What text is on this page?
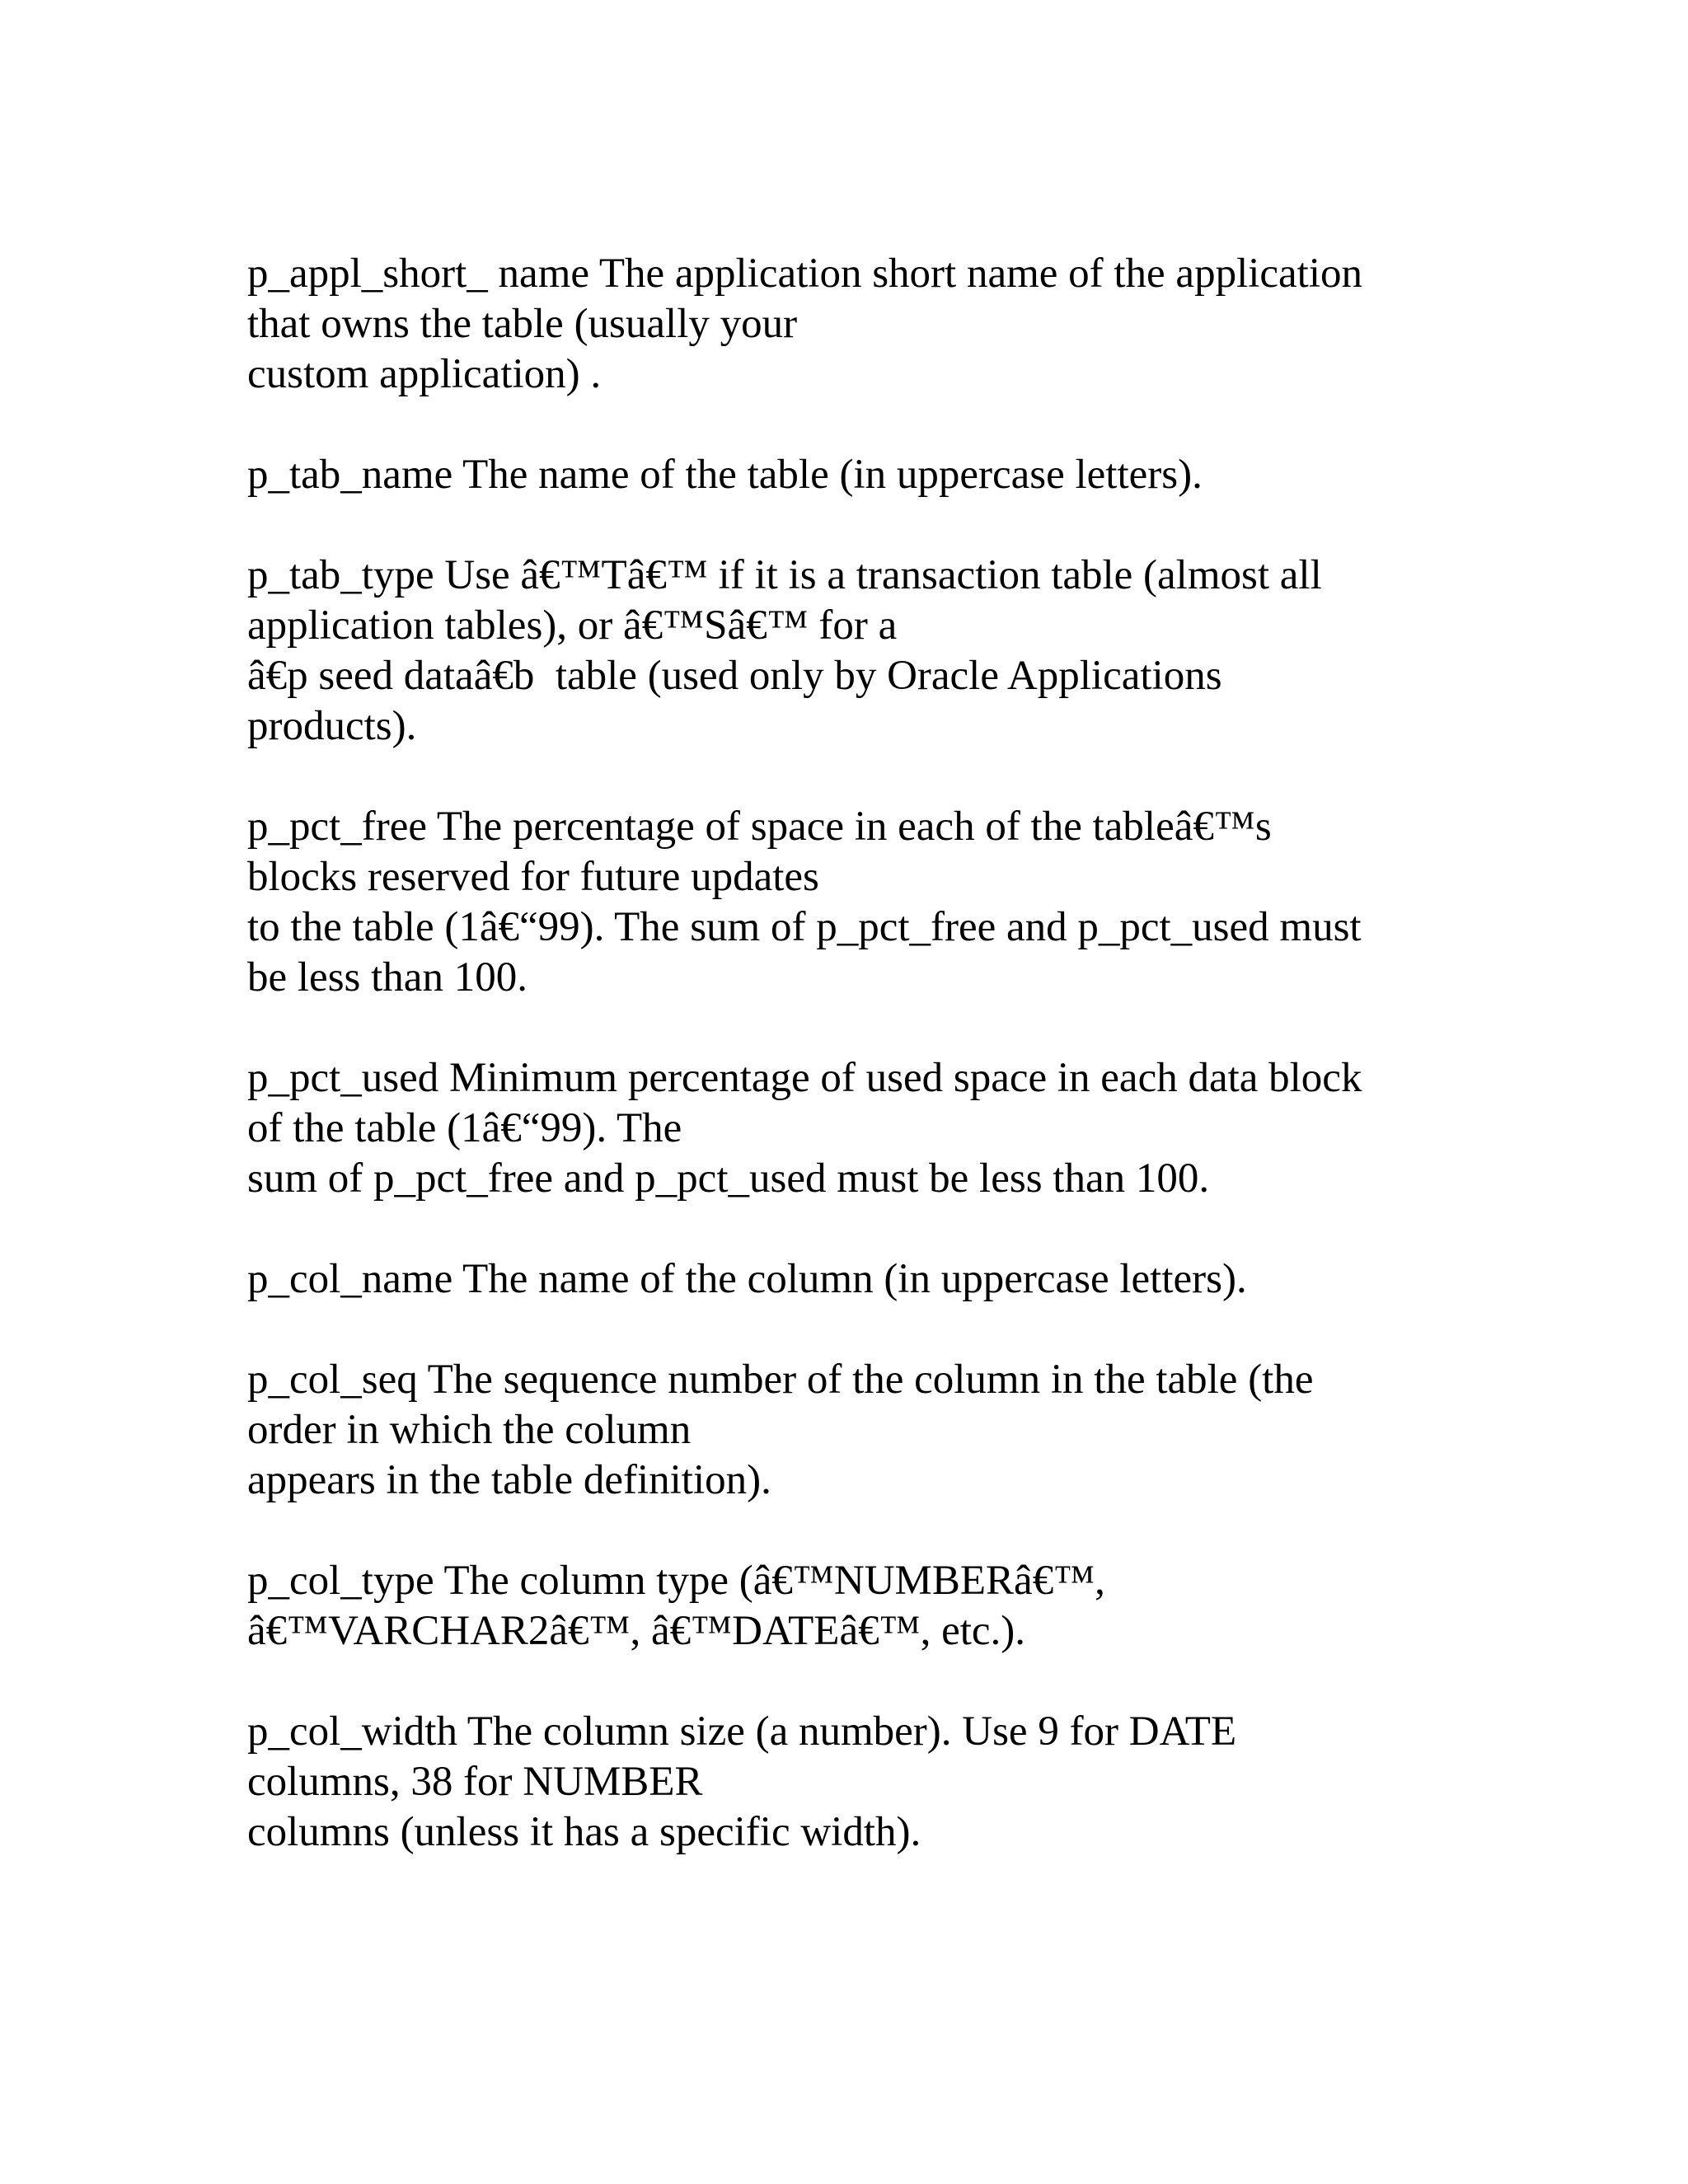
p_appl_short_ name The application short name of the application
that owns the table (usually your
custom application) .

p_tab_name The name of the table (in uppercase letters).

p_tab_type Use â€™Tâ€™ if it is a transaction table (almost all
application tables), or â€™Sâ€™ for a
â€p seed dataâ€b  table (used only by Oracle Applications
products).

p_pct_free The percentage of space in each of the tableâ€™s
blocks reserved for future updates
to the table (1â€“99). The sum of p_pct_free and p_pct_used must
be less than 100.

p_pct_used Minimum percentage of used space in each data block
of the table (1â€“99). The
sum of p_pct_free and p_pct_used must be less than 100.

p_col_name The name of the column (in uppercase letters).

p_col_seq The sequence number of the column in the table (the
order in which the column
appears in the table definition).

p_col_type The column type (â€™NUMBERâ€™,
â€™VARCHAR2â€™, â€™DATEâ€™, etc.).

p_col_width The column size (a number). Use 9 for DATE
columns, 38 for NUMBER
columns (unless it has a specific width).
